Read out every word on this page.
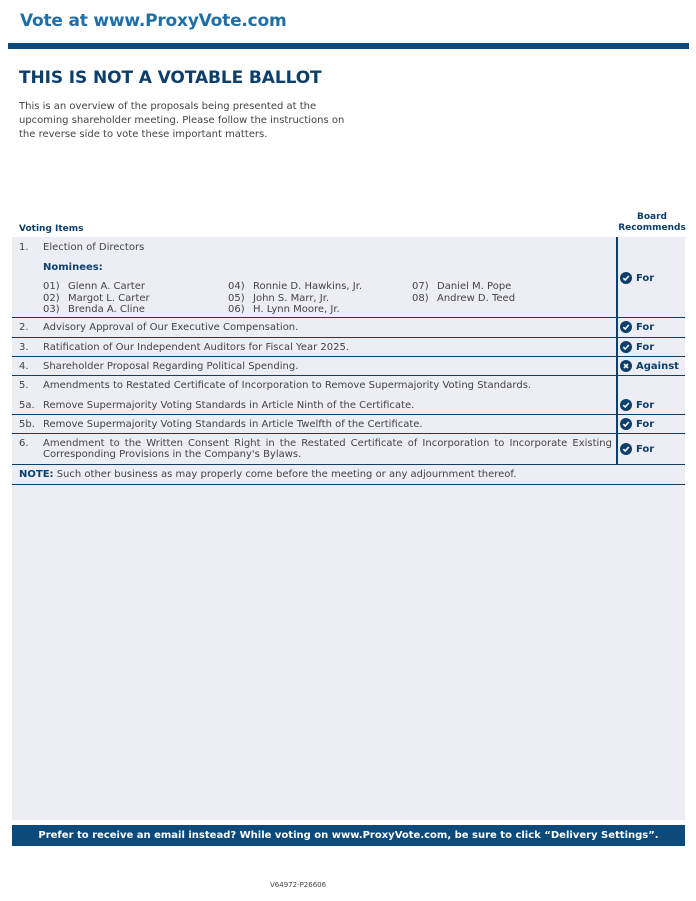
Vote at www.ProxyVote.com
THIS IS NOT A VOTABLE BALLOT
This is an overview of the proposals being presented at the upcoming shareholder meeting. Please follow the instructions on the reverse side to vote these important matters.
Voting Items
Board Recommends
1. Election of Directors
Nominees:
01) Glenn A. Carter
02) Margot L. Carter
03) Brenda A. Cline
04) Ronnie D. Hawkins, Jr.
05) John S. Marr, Jr.
06) H. Lynn Moore, Jr.
07) Daniel M. Pope
08) Andrew D. Teed
For
2. Advisory Approval of Our Executive Compensation.	For
3. Ratification of Our Independent Auditors for Fiscal Year 2025.	For
4. Shareholder Proposal Regarding Political Spending.	Against
5. Amendments to Restated Certificate of Incorporation to Remove Supermajority Voting Standards.
5a. Remove Supermajority Voting Standards in Article Ninth of the Certificate.	For
5b. Remove Supermajority Voting Standards in Article Twelfth of the Certificate.	For
6. Amendment to the Written Consent Right in the Restated Certificate of Incorporation to Incorporate Existing Corresponding Provisions in the Company's Bylaws.	For
NOTE: Such other business as may properly come before the meeting or any adjournment thereof.
Prefer to receive an email instead? While voting on www.ProxyVote.com, be sure to click “Delivery Settings”.
V64972-P26606
